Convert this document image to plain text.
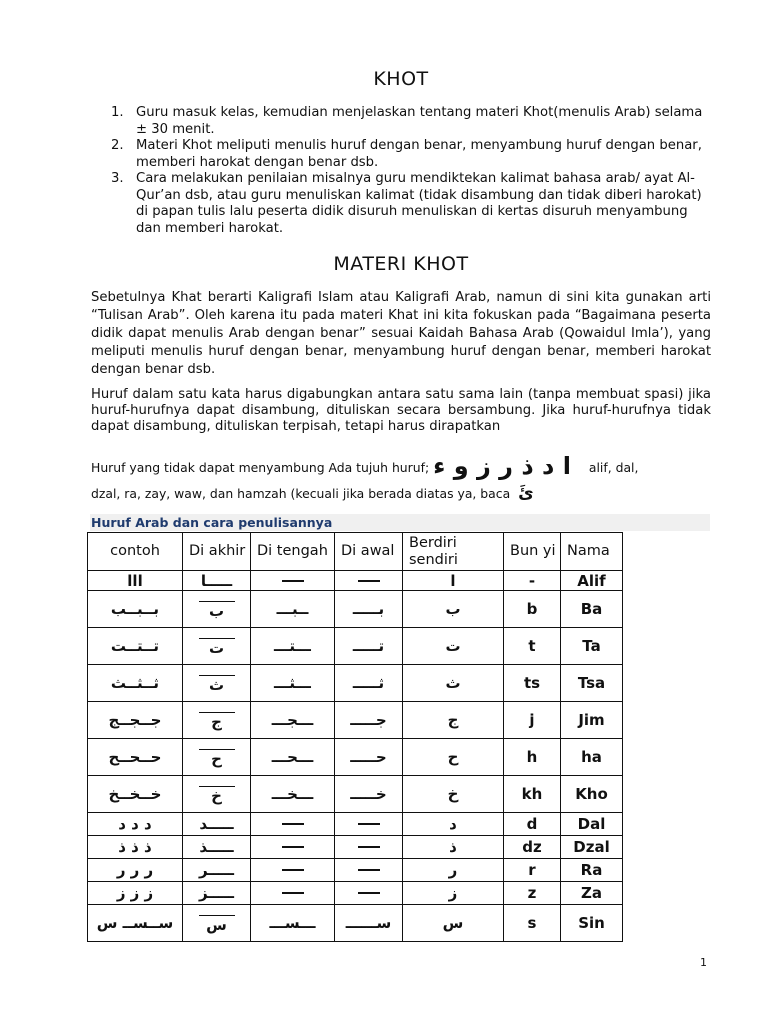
KHOT
1. Guru masuk kelas, kemudian menjelaskan tentang materi Khot(menulis Arab) selama ± 30 menit.
2. Materi Khot meliputi menulis huruf dengan benar, menyambung huruf dengan benar, memberi harokat dengan benar dsb.
3. Cara melakukan penilaian misalnya guru mendiktekan kalimat bahasa arab/ ayat Al-Qur’an dsb, atau guru menuliskan kalimat (tidak disambung dan tidak diberi harokat) di papan tulis lalu peserta didik disuruh menuliskan di kertas disuruh menyambung dan memberi harokat.
MATERI KHOT
Sebetulnya Khat berarti Kaligrafi Islam atau Kaligrafi Arab, namun di sini kita gunakan arti “Tulisan Arab”. Oleh karena itu pada materi Khat ini kita fokuskan pada “Bagaimana peserta didik dapat menulis Arab dengan benar” sesuai Kaidah Bahasa Arab (Qowaidul Imla’), yang meliputi menulis huruf dengan benar, menyambung huruf dengan benar, memberi harokat dengan benar dsb.
Huruf dalam satu kata harus digabungkan antara satu sama lain (tanpa membuat spasi) jika huruf-hurufnya dapat disambung, dituliskan secara bersambung. Jika huruf-hurufnya tidak dapat disambung, dituliskan terpisah, tetapi harus dirapatkan
Huruf yang tidak dapat menyambung Ada tujuh huruf; ا د ذ ر ز و ء alif, dal,
dzal, ra, zay, waw, dan hamzah (kecuali jika berada diatas ya, baca ئَ
Huruf Arab dan cara penulisannya
contoh	Di akhir	Di tengah	Di awal	Berdiri sendiri	Bun yi	Nama
ااا	ـــــا			ا	-	Alif
بــبــب	ب	ــبـــ	بـــــ	ب	b	Ba
تــتــت	ت	ـــتـــ	تـــــ	ت	t	Ta
ثــثــث	ث	ـــثـــ	ثـــــ	ث	ts	Tsa
جــجــج	ج	ـــجـــ	جـــــ	ج	j	Jim
حــحــح	ح	ـــحـــ	حـــــ	ح	h	ha
خــخــخ	خ	ـــخـــ	خـــــ	خ	kh	Kho
د د د	ـــــد			د	d	Dal
ذ ذ ذ	ـــــذ			ذ	dz	Dzal
ر ر ر	ـــــر			ر	r	Ra
ز ز ز	ـــــز			ز	z	Za
ســســ س	س	ـــســـ	ســــــ	س	s	Sin
1
